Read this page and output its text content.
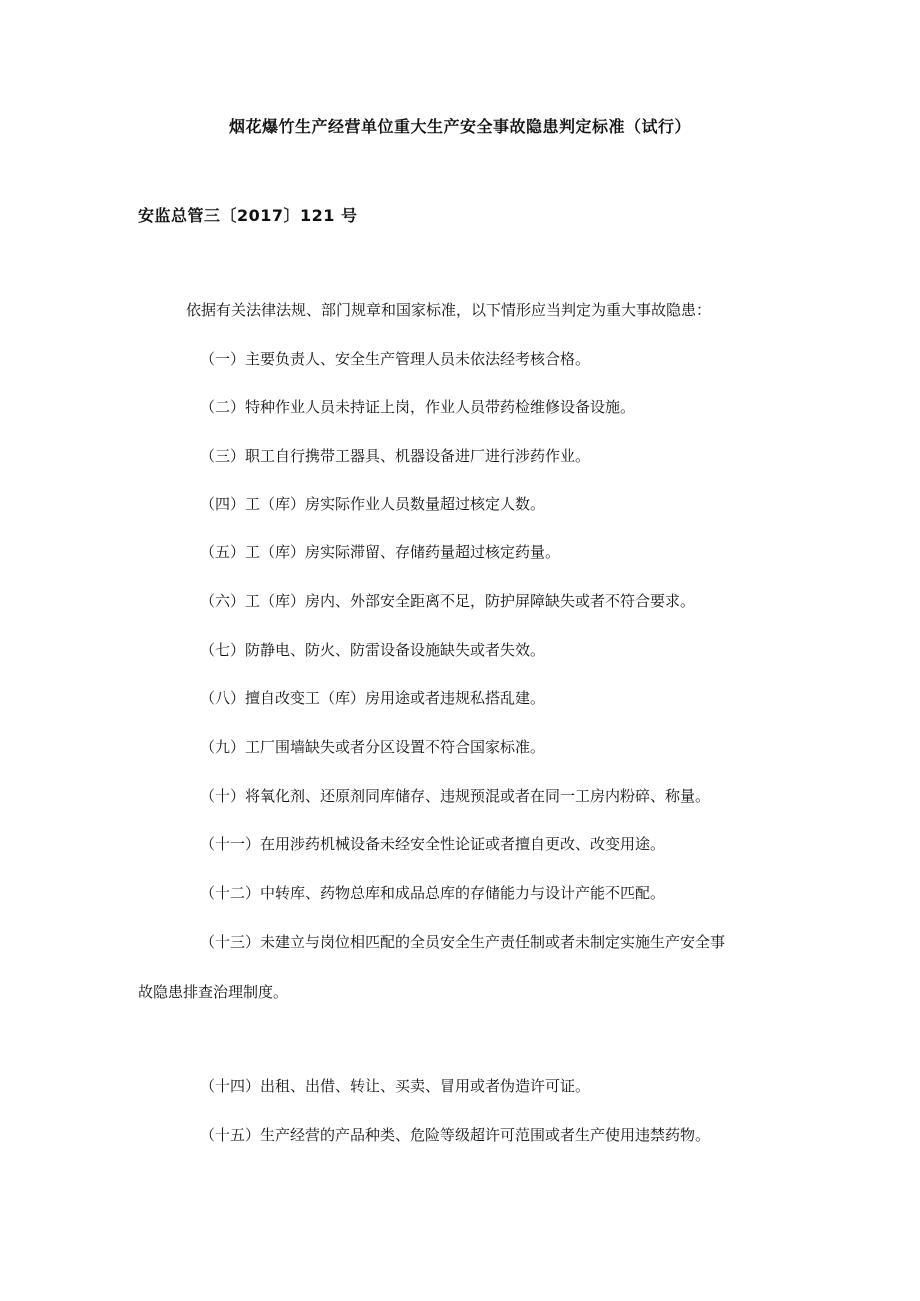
烟花爆竹生产经营单位重大生产安全事故隐患判定标准（试行）
安监总管三〔2017〕121 号
依据有关法律法规、部门规章和国家标准，以下情形应当判定为重大事故隐患：
（一）主要负责人、安全生产管理人员未依法经考核合格。
（二）特种作业人员未持证上岗，作业人员带药检维修设备设施。
（三）职工自行携带工器具、机器设备进厂进行涉药作业。
（四）工（库）房实际作业人员数量超过核定人数。
（五）工（库）房实际滞留、存储药量超过核定药量。
（六）工（库）房内、外部安全距离不足，防护屏障缺失或者不符合要求。
（七）防静电、防火、防雷设备设施缺失或者失效。
（八）擅自改变工（库）房用途或者违规私搭乱建。
（九）工厂围墙缺失或者分区设置不符合国家标准。
（十）将氧化剂、还原剂同库储存、违规预混或者在同一工房内粉碎、称量。
（十一）在用涉药机械设备未经安全性论证或者擅自更改、改变用途。
（十二）中转库、药物总库和成品总库的存储能力与设计产能不匹配。
（十三）未建立与岗位相匹配的全员安全生产责任制或者未制定实施生产安全事
故隐患排查治理制度。
（十四）出租、出借、转让、买卖、冒用或者伪造许可证。
（十五）生产经营的产品种类、危险等级超许可范围或者生产使用违禁药物。
